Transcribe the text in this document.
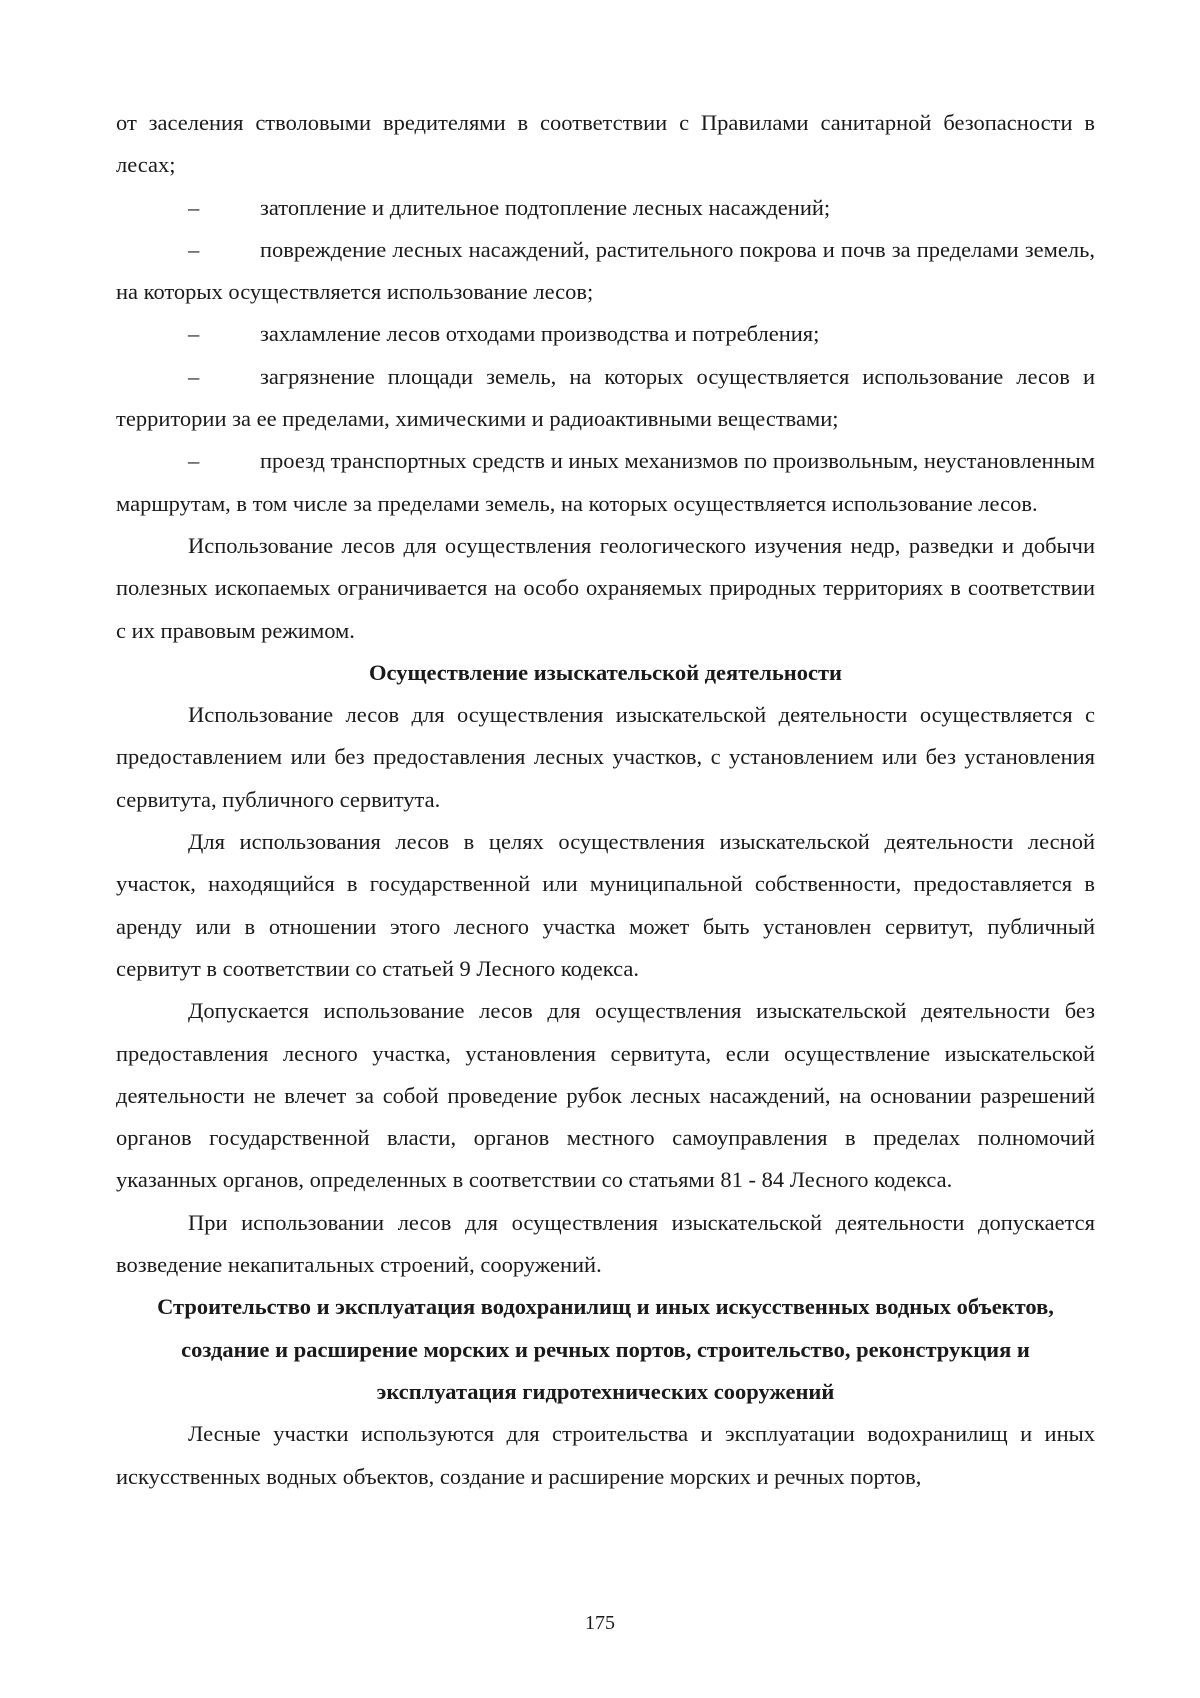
от заселения стволовыми вредителями в соответствии с Правилами санитарной безопасности в лесах;

–	затопление и длительное подтопление лесных насаждений;

–	повреждение лесных насаждений, растительного покрова и почв за пределами земель, на которых осуществляется использование лесов;

–	захламление лесов отходами производства и потребления;

–	загрязнение площади земель, на которых осуществляется использование лесов и территории за ее пределами, химическими и радиоактивными веществами;

–	проезд транспортных средств и иных механизмов по произвольным, неустановленным маршрутам, в том числе за пределами земель, на которых осуществляется использование лесов.

Использование лесов для осуществления геологического изучения недр, разведки и добычи полезных ископаемых ограничивается на особо охраняемых природных территориях в соответствии с их правовым режимом.

Осуществление изыскательской деятельности

Использование лесов для осуществления изыскательской деятельности осуществляется с предоставлением или без предоставления лесных участков, с установлением или без установления сервитута, публичного сервитута.

Для использования лесов в целях осуществления изыскательской деятельности лесной участок, находящийся в государственной или муниципальной собственности, предоставляется в аренду или в отношении этого лесного участка может быть установлен сервитут, публичный сервитут в соответствии со статьей 9 Лесного кодекса.

Допускается использование лесов для осуществления изыскательской деятельности без предоставления лесного участка, установления сервитута, если осуществление изыскательской деятельности не влечет за собой проведение рубок лесных насаждений, на основании разрешений органов государственной власти, органов местного самоуправления в пределах полномочий указанных органов, определенных в соответствии со статьями 81 - 84 Лесного кодекса.

При использовании лесов для осуществления изыскательской деятельности допускается возведение некапитальных строений, сооружений.

Строительство и эксплуатация водохранилищ и иных искусственных водных объектов, создание и расширение морских и речных портов, строительство, реконструкция и эксплуатация гидротехнических сооружений

Лесные участки используются для строительства и эксплуатации водохранилищ и иных искусственных водных объектов, создание и расширение морских и речных портов,

175
